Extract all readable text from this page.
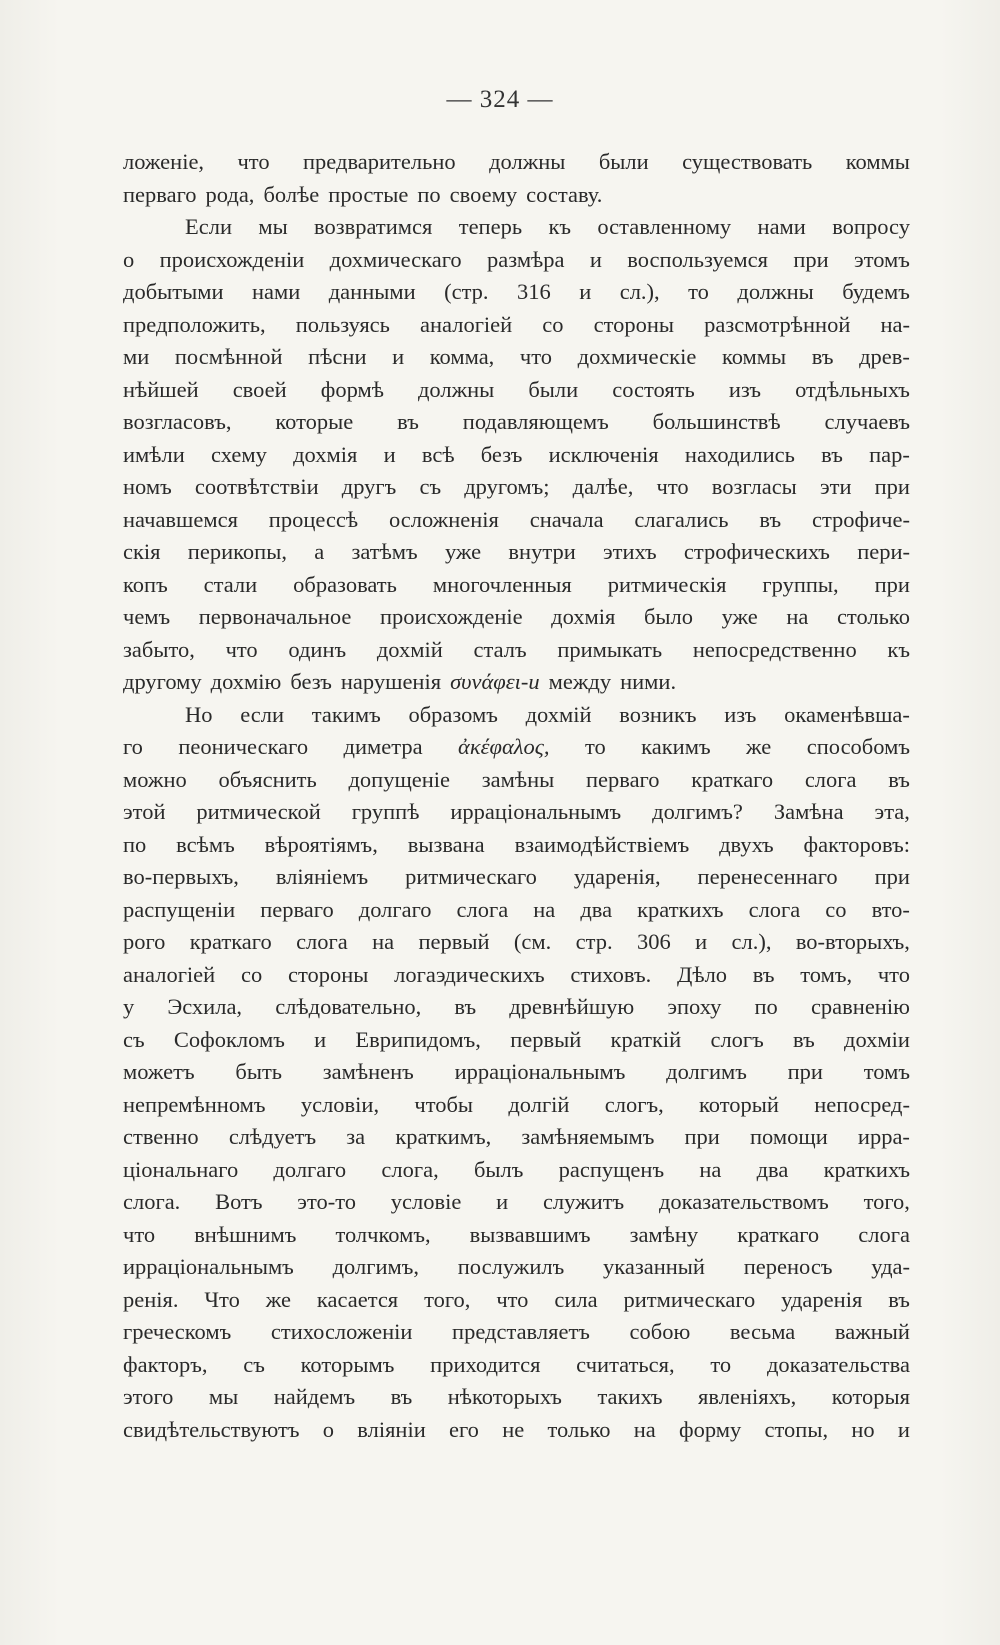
— 324 —
ложеніе, что предварительно должны были существовать коммы
перваго рода, болѣе простые по своему составу.
Если мы возвратимся теперь къ оставленному нами вопросу
о происхожденіи дохмическаго размѣра и воспользуемся при этомъ
добытыми нами данными (стр. 316 и сл.), то должны будемъ
предположить, пользуясь аналогіей со стороны разсмотрѣнной на-
ми посмѣнной пѣсни и комма, что дохмическіе коммы въ древ-
нѣйшей своей формѣ должны были состоять изъ отдѣльныхъ
возгласовъ, которые въ подавляющемъ большинствѣ случаевъ
имѣли схему дохмія и всѣ безъ исключенія находились въ пар-
номъ соотвѣтствіи другъ съ другомъ; далѣе, что возгласы эти при
начавшемся процессѣ осложненія сначала слагались въ строфиче-
скія перикопы, а затѣмъ уже внутри этихъ строфическихъ пери-
копъ стали образовать многочленныя ритмическія группы, при
чемъ первоначальное происхожденіе дохмія было уже на столько
забыто, что одинъ дохмій сталъ примыкать непосредственно къ
другому дохмію безъ нарушенія συνάφει-и между ними.
Но если такимъ образомъ дохмій возникъ изъ окаменѣвша-
го пеоническаго диметра ἀκέφαλος, то какимъ же способомъ
можно объяснить допущеніе замѣны перваго краткаго слога въ
этой ритмической группѣ ирраціональнымъ долгимъ? Замѣна эта,
по всѣмъ вѣроятіямъ, вызвана взаимодѣйствіемъ двухъ факторовъ:
во-первыхъ, вліяніемъ ритмическаго ударенія, перенесеннаго при
распущеніи перваго долгаго слога на два краткихъ слога со вто-
рого краткаго слога на первый (см. стр. 306 и сл.), во-вторыхъ,
аналогіей со стороны логаэдическихъ стиховъ. Дѣло въ томъ, что
у Эсхила, слѣдовательно, въ древнѣйшую эпоху по сравненію
съ Софокломъ и Еврипидомъ, первый краткій слогъ въ дохміи
можетъ быть замѣненъ ирраціональнымъ долгимъ при томъ
непремѣнномъ условіи, чтобы долгій слогъ, который непосред-
ственно слѣдуетъ за краткимъ, замѣняемымъ при помощи ирра-
ціональнаго долгаго слога, былъ распущенъ на два краткихъ
слога. Вотъ это-то условіе и служитъ доказательствомъ того,
что внѣшнимъ толчкомъ, вызвавшимъ замѣну краткаго слога
ирраціональнымъ долгимъ, послужилъ указанный переносъ уда-
ренія. Что же касается того, что сила ритмическаго ударенія въ
греческомъ стихосложеніи представляетъ собою весьма важный
факторъ, съ которымъ приходится считаться, то доказательства
этого мы найдемъ въ нѣкоторыхъ такихъ явленіяхъ, которыя
свидѣтельствуютъ о вліяніи его не только на форму стопы, но и
